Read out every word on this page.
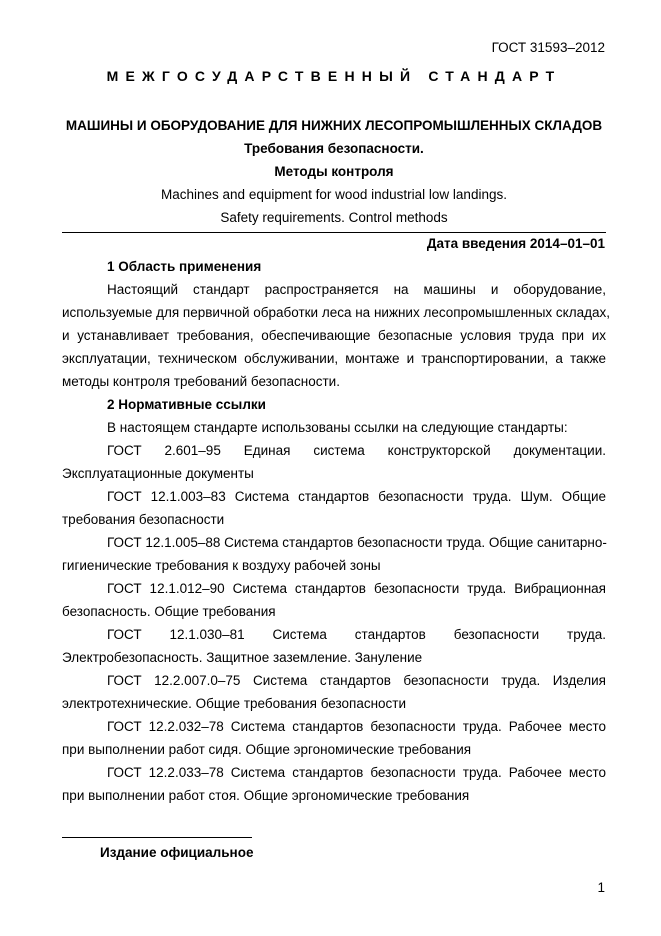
ГОСТ 31593–2012
МЕЖГОСУДАРСТВЕННЫЙ СТАНДАРТ
МАШИНЫ И ОБОРУДОВАНИЕ ДЛЯ НИЖНИХ ЛЕСОПРОМЫШЛЕННЫХ СКЛАДОВ
Требования безопасности.
Методы контроля
Machines and equipment for wood industrial low landings.
Safety requirements. Control methods
Дата введения 2014–01–01
1 Область применения
Настоящий стандарт распространяется на машины и оборудование,
используемые для первичной обработки леса на нижних лесопромышленных складах,
и устанавливает требования, обеспечивающие безопасные условия труда при их
эксплуатации, техническом обслуживании, монтаже и транспортировании, а также
методы контроля требований безопасности.
2 Нормативные ссылки
В настоящем стандарте использованы ссылки на следующие стандарты:
ГОСТ 2.601–95 Единая система конструкторской документации.
Эксплуатационные документы
ГОСТ 12.1.003–83 Система стандартов безопасности труда. Шум. Общие
требования безопасности
ГОСТ 12.1.005–88 Система стандартов безопасности труда. Общие санитарно-
гигиенические требования к воздуху рабочей зоны
ГОСТ 12.1.012–90 Система стандартов безопасности труда. Вибрационная
безопасность. Общие требования
ГОСТ 12.1.030–81 Система стандартов безопасности труда.
Электробезопасность. Защитное заземление. Зануление
ГОСТ 12.2.007.0–75 Система стандартов безопасности труда. Изделия
электротехнические. Общие требования безопасности
ГОСТ 12.2.032–78 Система стандартов безопасности труда. Рабочее место
при выполнении работ сидя. Общие эргономические требования
ГОСТ 12.2.033–78 Система стандартов безопасности труда. Рабочее место
при выполнении работ стоя. Общие эргономические требования
Издание официальное
1
